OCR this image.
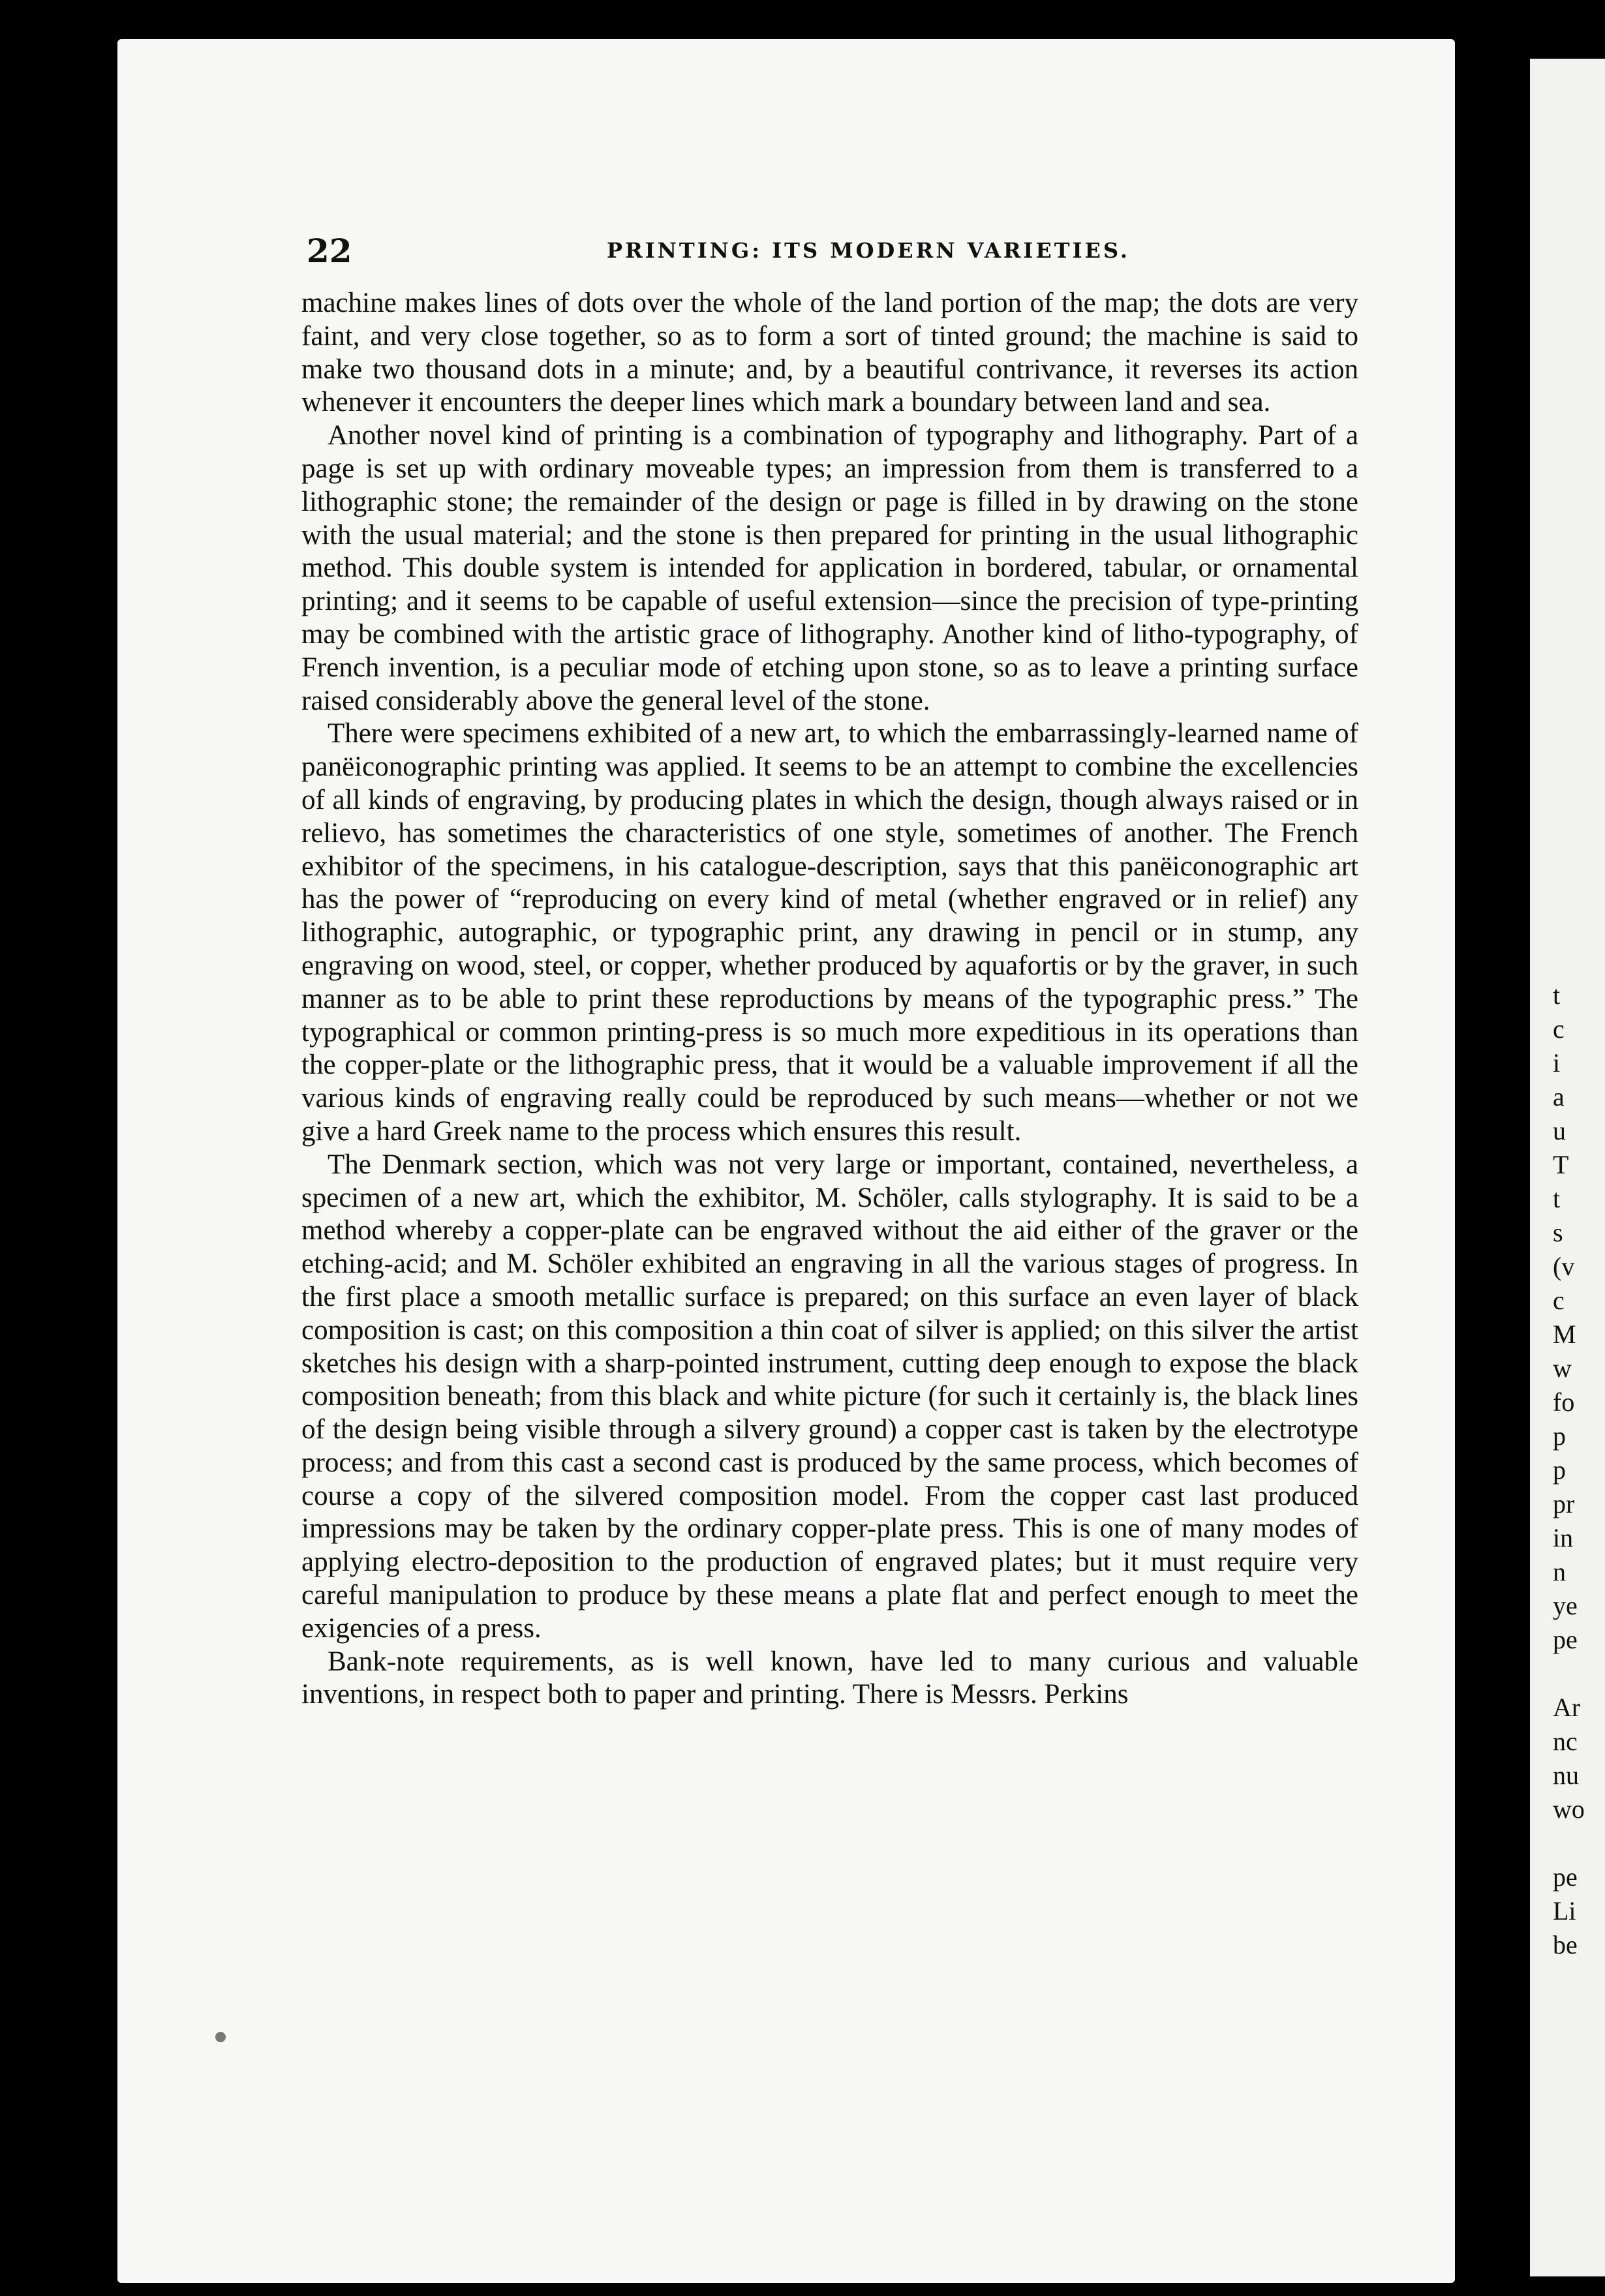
22	PRINTING: ITS MODERN VARIETIES.

machine makes lines of dots over the whole of the land portion of the map; the dots are very faint, and very close together, so as to form a sort of tinted ground; the machine is said to make two thousand dots in a minute; and, by a beautiful contrivance, it reverses its action whenever it encounters the deeper lines which mark a boundary between land and sea.

Another novel kind of printing is a combination of typography and lithography. Part of a page is set up with ordinary moveable types; an impression from them is transferred to a lithographic stone; the remainder of the design or page is filled in by drawing on the stone with the usual material; and the stone is then prepared for printing in the usual lithographic method. This double system is intended for application in bordered, tabular, or ornamental printing; and it seems to be capable of useful extension—since the precision of type-printing may be combined with the artistic grace of lithography. Another kind of litho-typography, of French invention, is a peculiar mode of etching upon stone, so as to leave a printing surface raised considerably above the general level of the stone.

There were specimens exhibited of a new art, to which the embarrassingly-learned name of panëiconographic printing was applied. It seems to be an attempt to combine the excellencies of all kinds of engraving, by producing plates in which the design, though always raised or in relievo, has sometimes the characteristics of one style, sometimes of another. The French exhibitor of the specimens, in his catalogue-description, says that this panëiconographic art has the power of “reproducing on every kind of metal (whether engraved or in relief) any lithographic, autographic, or typographic print, any drawing in pencil or in stump, any engraving on wood, steel, or copper, whether produced by aquafortis or by the graver, in such manner as to be able to print these reproductions by means of the typographic press.” The typographical or common printing-press is so much more expeditious in its operations than the copper-plate or the lithographic press, that it would be a valuable improvement if all the various kinds of engraving really could be reproduced by such means—whether or not we give a hard Greek name to the process which ensures this result.

The Denmark section, which was not very large or important, contained, nevertheless, a specimen of a new art, which the exhibitor, M. Schöler, calls stylography. It is said to be a method whereby a copper-plate can be engraved without the aid either of the graver or the etching-acid; and M. Schöler exhibited an engraving in all the various stages of progress. In the first place a smooth metallic surface is prepared; on this surface an even layer of black composition is cast; on this composition a thin coat of silver is applied; on this silver the artist sketches his design with a sharp-pointed instrument, cutting deep enough to expose the black composition beneath; from this black and white picture (for such it certainly is, the black lines of the design being visible through a silvery ground) a copper cast is taken by the electrotype process; and from this cast a second cast is produced by the same process, which becomes of course a copy of the silvered composition model. From the copper cast last produced impressions may be taken by the ordinary copper-plate press. This is one of many modes of applying electro-deposition to the production of engraved plates; but it must require very careful manipulation to produce by these means a plate flat and perfect enough to meet the exigencies of a press.

Bank-note requirements, as is well known, have led to many curious and valuable inventions, in respect both to paper and printing. There is Messrs. Perkins

t
c
i
a
u
T
t
s
(v
c
M
w
fo
p
p
pr
in
n
ye
pe
Ar
nc
nu
wo
pe
Li
be
